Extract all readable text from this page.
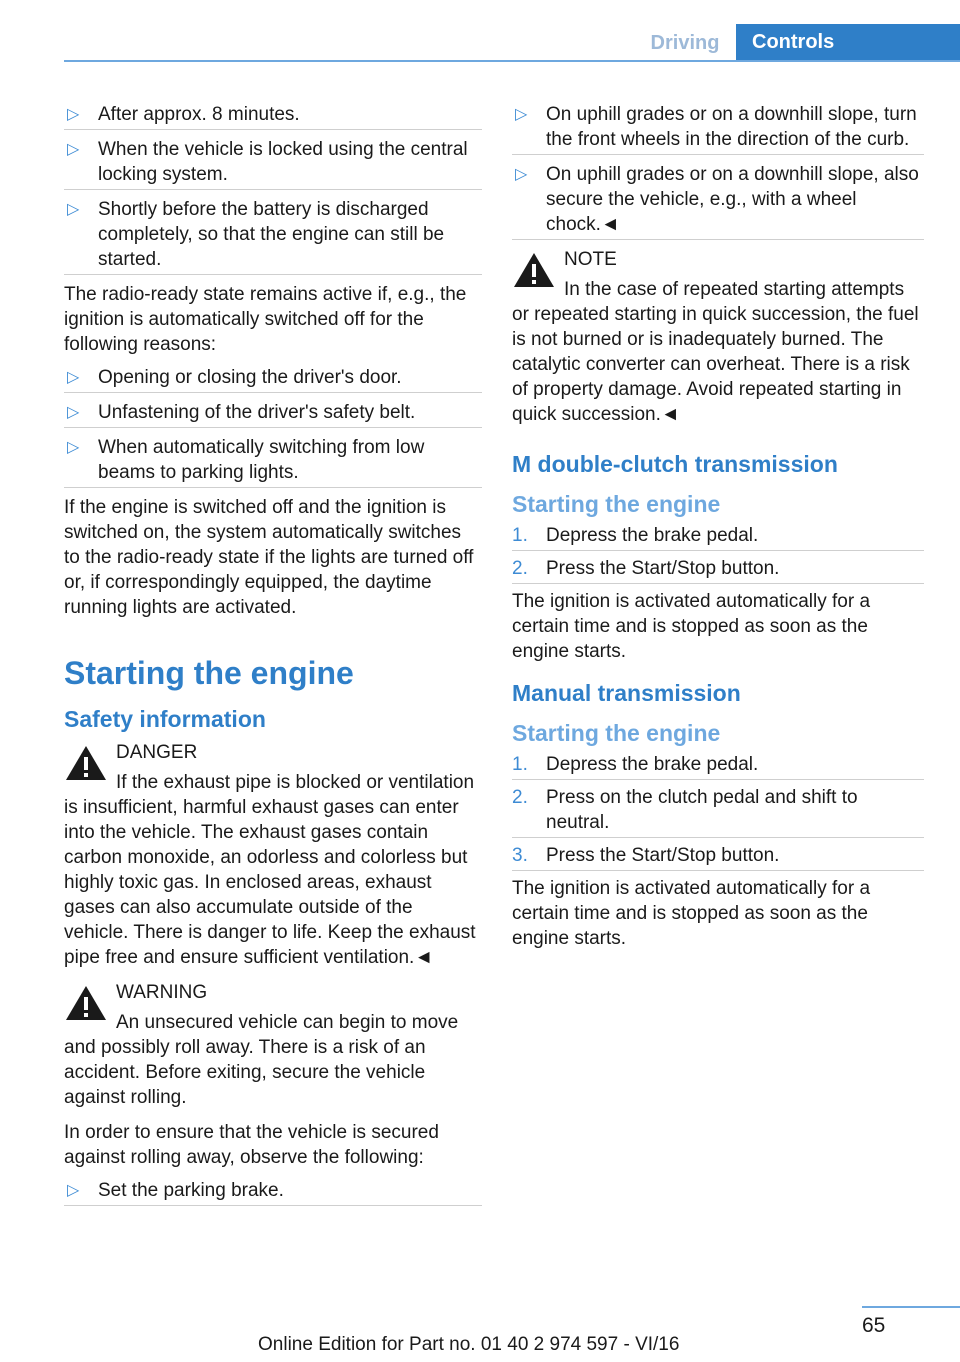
Driving	Controls
▷ After approx. 8 minutes.
▷ When the vehicle is locked using the central locking system.
▷ Shortly before the battery is discharged completely, so that the engine can still be started.

The radio-ready state remains active if, e.g., the ignition is automatically switched off for the following reasons:

▷ Opening or closing the driver's door.
▷ Unfastening of the driver's safety belt.
▷ When automatically switching from low beams to parking lights.

If the engine is switched off and the ignition is switched on, the system automatically switches to the radio-ready state if the lights are turned off or, if correspondingly equipped, the daytime running lights are activated.

Starting the engine
Safety information
DANGER

If the exhaust pipe is blocked or ventilation is insufficient, harmful exhaust gases can enter into the vehicle. The exhaust gases contain carbon monoxide, an odorless and colorless but highly toxic gas. In enclosed areas, exhaust gases can also accumulate outside of the vehicle. There is danger to life. Keep the exhaust pipe free and ensure sufficient ventilation.◄

WARNING

An unsecured vehicle can begin to move and possibly roll away. There is a risk of an accident. Before exiting, secure the vehicle against rolling.

In order to ensure that the vehicle is secured against rolling away, observe the following:

▷ Set the parking brake.
▷ On uphill grades or on a downhill slope, turn the front wheels in the direction of the curb.
▷ On uphill grades or on a downhill slope, also secure the vehicle, e.g., with a wheel chock.◄
NOTE

In the case of repeated starting attempts or repeated starting in quick succession, the fuel is not burned or is inadequately burned. The catalytic converter can overheat. There is a risk of property damage. Avoid repeated starting in quick succession.◄

M double-clutch transmission
Starting the engine
1. Depress the brake pedal.
2. Press the Start/Stop button.

The ignition is activated automatically for a certain time and is stopped as soon as the engine starts.

Manual transmission
Starting the engine
1. Depress the brake pedal.
2. Press on the clutch pedal and shift to neutral.
3. Press the Start/Stop button.

The ignition is activated automatically for a certain time and is stopped as soon as the engine starts.

65
Online Edition for Part no. 01 40 2 974 597 - VI/16
